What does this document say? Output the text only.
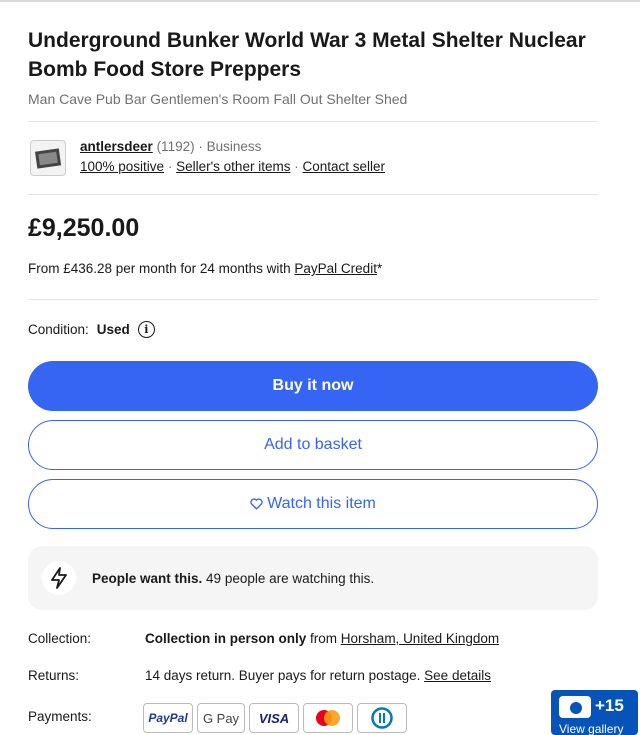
Underground Bunker World War 3 Metal Shelter Nuclear Bomb Food Store Preppers
Man Cave Pub Bar Gentlemen's Room Fall Out Shelter Shed
antlersdeer (1192) · Business
100% positive · Seller's other items · Contact seller
£9,250.00
From £436.28 per month for 24 months with PayPal Credit*
Condition: Used	i
Buy it now
Add to basket
Watch this item
People want this. 49 people are watching this.
Collection:	Collection in person only from Horsham, United Kingdom
Returns:	14 days return. Buyer pays for return postage. See details
Payments:	PayPal	G Pay	VISA
+15
View gallery
